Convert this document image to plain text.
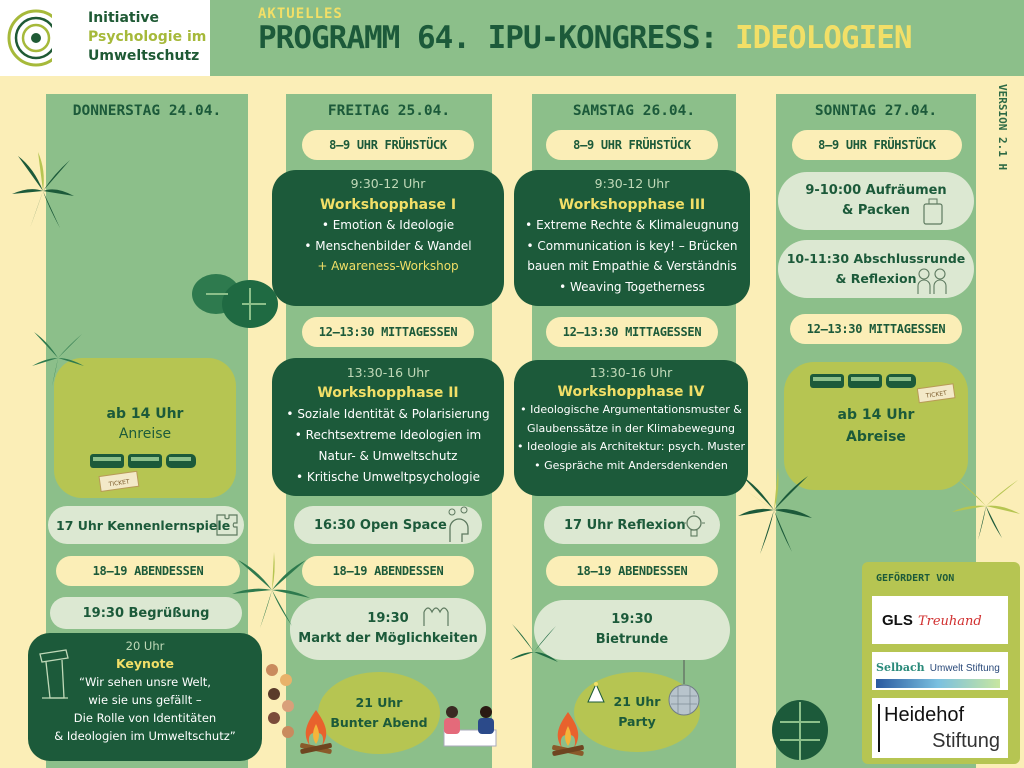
Initiative
Psychologie im
Umweltschutz
AKTUELLES
PROGRAMM 64. IPU-KONGRESS: IDEOLOGIEN
VERSION 2.1 H
DONNERSTAG 24.04.
ab 14 Uhr
Anreise
TICKET
17 Uhr Kennenlernspiele
18–19 ABENDESSEN
19:30 Begrüßung
20 Uhr
Keynote
“Wir sehen unsre Welt,
wie sie uns gefällt –
Die Rolle von Identitäten
& Ideologien im Umweltschutz”
FREITAG 25.04.
8–9 UHR FRÜHSTÜCK
9:30-12 Uhr
Workshopphase I
• Emotion & Ideologie
• Menschenbilder & Wandel
+ Awareness-Workshop
12–13:30 MITTAGESSEN
13:30-16 Uhr
Workshopphase II
• Soziale Identität & Polarisierung
• Rechtsextreme Ideologien im
Natur- & Umweltschutz
• Kritische Umweltpsychologie
16:30 Open Space
18–19 ABENDESSEN
19:30
Markt der Möglichkeiten
21 Uhr
Bunter Abend
SAMSTAG 26.04.
8–9 UHR FRÜHSTÜCK
9:30-12 Uhr
Workshopphase III
• Extreme Rechte & Klimaleugnung
• Communication is key! – Brücken
bauen mit Empathie & Verständnis
• Weaving Togetherness
12–13:30 MITTAGESSEN
13:30-16 Uhr
Workshopphase IV
• Ideologische Argumentationsmuster &
Glaubenssätze in der Klimabewegung
• Ideologie als Architektur: psych. Muster
• Gespräche mit Andersdenkenden
17 Uhr Reflexion
18–19 ABENDESSEN
19:30
Bietrunde
21 Uhr
Party
SONNTAG 27.04.
8–9 UHR FRÜHSTÜCK
9-10:00 Aufräumen
& Packen
10-11:30 Abschlussrunde
& Reflexion
12–13:30 MITTAGESSEN
ab 14 Uhr
Abreise
TICKET
GEFÖRDERT VON
GLS Treuhand
Selbach Umwelt Stiftung
Heidehof
Stiftung
